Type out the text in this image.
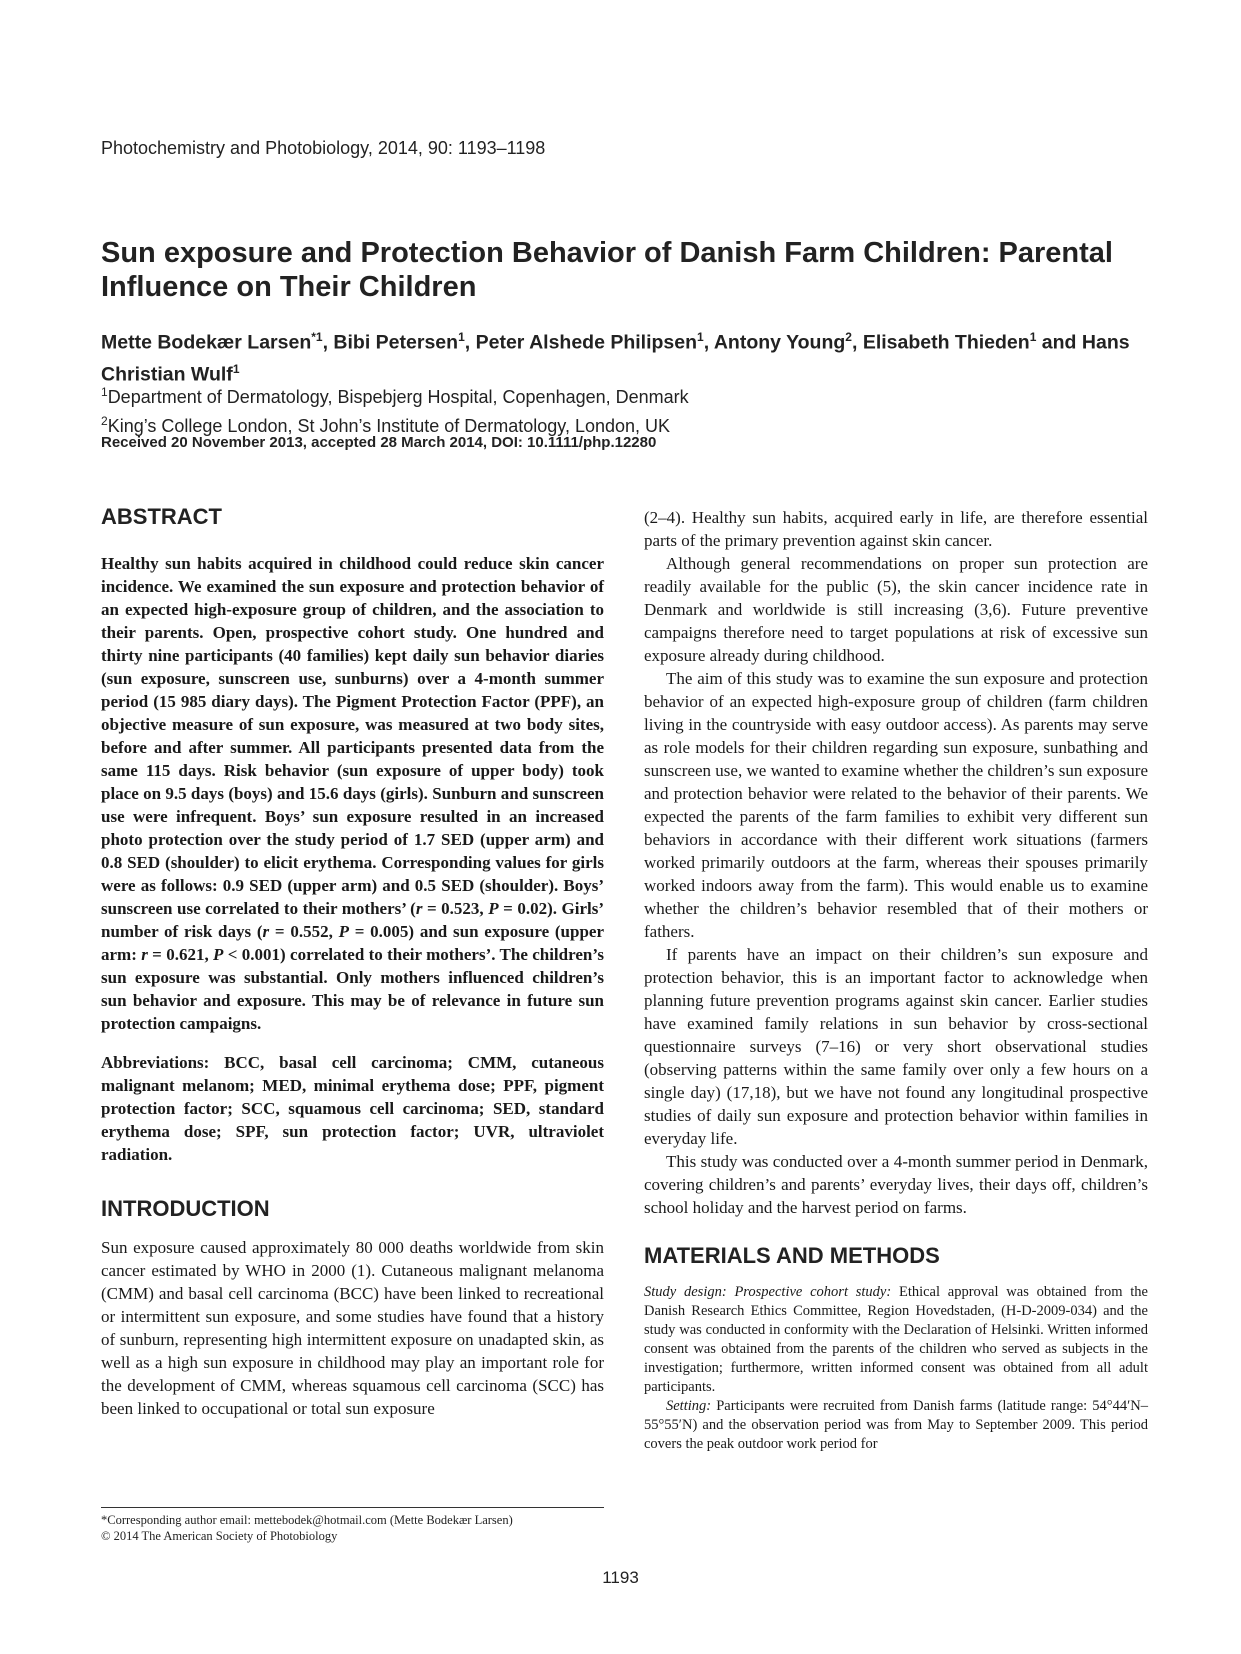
Photochemistry and Photobiology, 2014, 90: 1193–1198
Sun exposure and Protection Behavior of Danish Farm Children: Parental Influence on Their Children
Mette Bodekær Larsen$^{*1}$, Bibi Petersen$^1$, Peter Alshede Philipsen$^1$, Antony Young$^2$, Elisabeth Thieden$^1$ and Hans Christian Wulf$^1$
$^1$Department of Dermatology, Bispebjerg Hospital, Copenhagen, Denmark
$^2$King’s College London, St John’s Institute of Dermatology, London, UK
Received 20 November 2013, accepted 28 March 2014, DOI: 10.1111/php.12280
ABSTRACT

Healthy sun habits acquired in childhood could reduce skin cancer incidence. We examined the sun exposure and protection behavior of an expected high-exposure group of children, and the association to their parents. Open, prospective cohort study. One hundred and thirty nine participants (40 families) kept daily sun behavior diaries (sun exposure, sunscreen use, sunburns) over a 4-month summer period (15 985 diary days). The Pigment Protection Factor (PPF), an objective measure of sun exposure, was measured at two body sites, before and after summer. All participants presented data from the same 115 days. Risk behavior (sun exposure of upper body) took place on 9.5 days (boys) and 15.6 days (girls). Sunburn and sunscreen use were infrequent. Boys’ sun exposure resulted in an increased photo protection over the study period of 1.7 SED (upper arm) and 0.8 SED (shoulder) to elicit erythema. Corresponding values for girls were as follows: 0.9 SED (upper arm) and 0.5 SED (shoulder). Boys’ sunscreen use correlated to their mothers’ (r = 0.523, P = 0.02). Girls’ number of risk days (r = 0.552, P = 0.005) and sun exposure (upper arm: r = 0.621, P < 0.001) correlated to their mothers’. The children’s sun exposure was substantial. Only mothers influenced children’s sun behavior and exposure. This may be of relevance in future sun protection campaigns.

Abbreviations: BCC, basal cell carcinoma; CMM, cutaneous malignant melanom; MED, minimal erythema dose; PPF, pigment protection factor; SCC, squamous cell carcinoma; SED, standard erythema dose; SPF, sun protection factor; UVR, ultraviolet radiation.

INTRODUCTION

Sun exposure caused approximately 80 000 deaths worldwide from skin cancer estimated by WHO in 2000 (1). Cutaneous malignant melanoma (CMM) and basal cell carcinoma (BCC) have been linked to recreational or intermittent sun exposure, and some studies have found that a history of sunburn, representing high intermittent exposure on unadapted skin, as well as a high sun exposure in childhood may play an important role for the development of CMM, whereas squamous cell carcinoma (SCC) has been linked to occupational or total sun exposure

(2–4). Healthy sun habits, acquired early in life, are therefore essential parts of the primary prevention against skin cancer.

Although general recommendations on proper sun protection are readily available for the public (5), the skin cancer incidence rate in Denmark and worldwide is still increasing (3,6). Future preventive campaigns therefore need to target populations at risk of excessive sun exposure already during childhood.

The aim of this study was to examine the sun exposure and protection behavior of an expected high-exposure group of children (farm children living in the countryside with easy outdoor access). As parents may serve as role models for their children regarding sun exposure, sunbathing and sunscreen use, we wanted to examine whether the children’s sun exposure and protection behavior were related to the behavior of their parents. We expected the parents of the farm families to exhibit very different sun behaviors in accordance with their different work situations (farmers worked primarily outdoors at the farm, whereas their spouses primarily worked indoors away from the farm). This would enable us to examine whether the children’s behavior resembled that of their mothers or fathers.

If parents have an impact on their children’s sun exposure and protection behavior, this is an important factor to acknowledge when planning future prevention programs against skin cancer. Earlier studies have examined family relations in sun behavior by cross-sectional questionnaire surveys (7–16) or very short observational studies (observing patterns within the same family over only a few hours on a single day) (17,18), but we have not found any longitudinal prospective studies of daily sun exposure and protection behavior within families in everyday life.

This study was conducted over a 4-month summer period in Denmark, covering children’s and parents’ everyday lives, their days off, children’s school holiday and the harvest period on farms.

MATERIALS AND METHODS

Study design: Prospective cohort study: Ethical approval was obtained from the Danish Research Ethics Committee, Region Hovedstaden, (H-D-2009-034) and the study was conducted in conformity with the Declaration of Helsinki. Written informed consent was obtained from the parents of the children who served as subjects in the investigation; furthermore, written informed consent was obtained from all adult participants.

Setting: Participants were recruited from Danish farms (latitude range: 54°44′N–55°55′N) and the observation period was from May to September 2009. This period covers the peak outdoor work period for

*Corresponding author email: mettebodek@hotmail.com (Mette Bodekær Larsen)
© 2014 The American Society of Photobiology
1193
